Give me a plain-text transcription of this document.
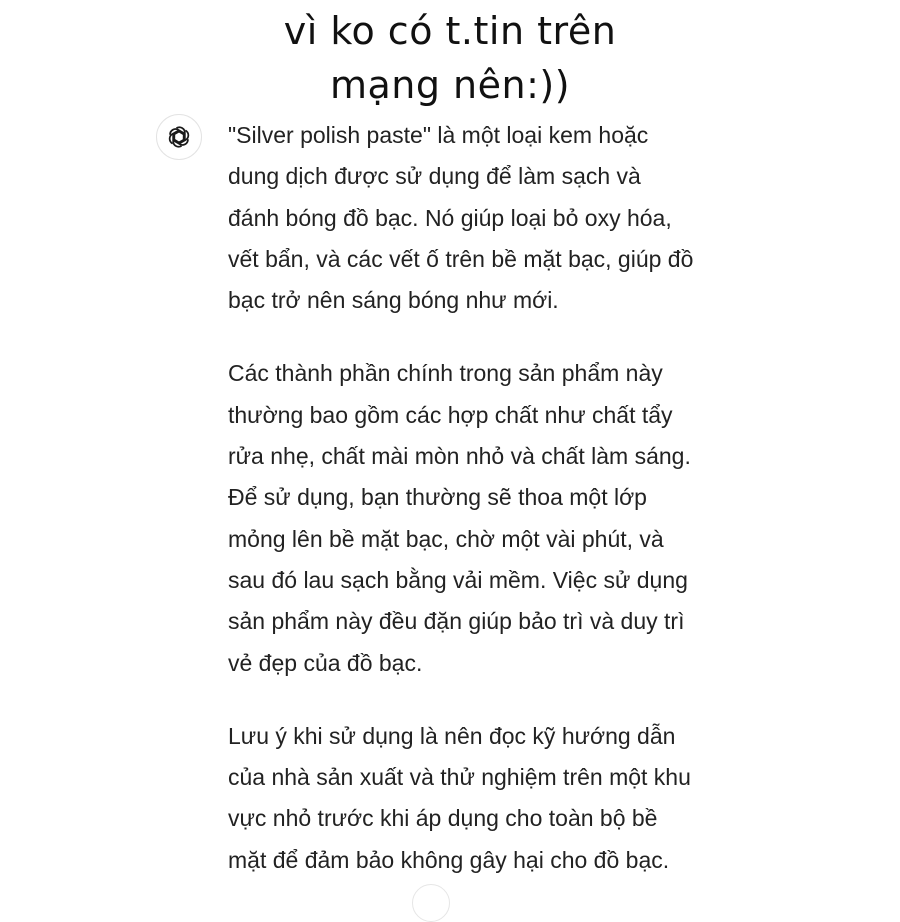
vì ko có t.tin trên
mạng nên:))

"Silver polish paste" là một loại kem hoặc
dung dịch được sử dụng để làm sạch và
đánh bóng đồ bạc. Nó giúp loại bỏ oxy hóa,
vết bẩn, và các vết ố trên bề mặt bạc, giúp đồ
bạc trở nên sáng bóng như mới.

Các thành phần chính trong sản phẩm này
thường bao gồm các hợp chất như chất tẩy
rửa nhẹ, chất mài mòn nhỏ và chất làm sáng.
Để sử dụng, bạn thường sẽ thoa một lớp
mỏng lên bề mặt bạc, chờ một vài phút, và
sau đó lau sạch bằng vải mềm. Việc sử dụng
sản phẩm này đều đặn giúp bảo trì và duy trì
vẻ đẹp của đồ bạc.

Lưu ý khi sử dụng là nên đọc kỹ hướng dẫn
của nhà sản xuất và thử nghiệm trên một khu
vực nhỏ trước khi áp dụng cho toàn bộ bề
mặt để đảm bảo không gây hại cho đồ bạc.
